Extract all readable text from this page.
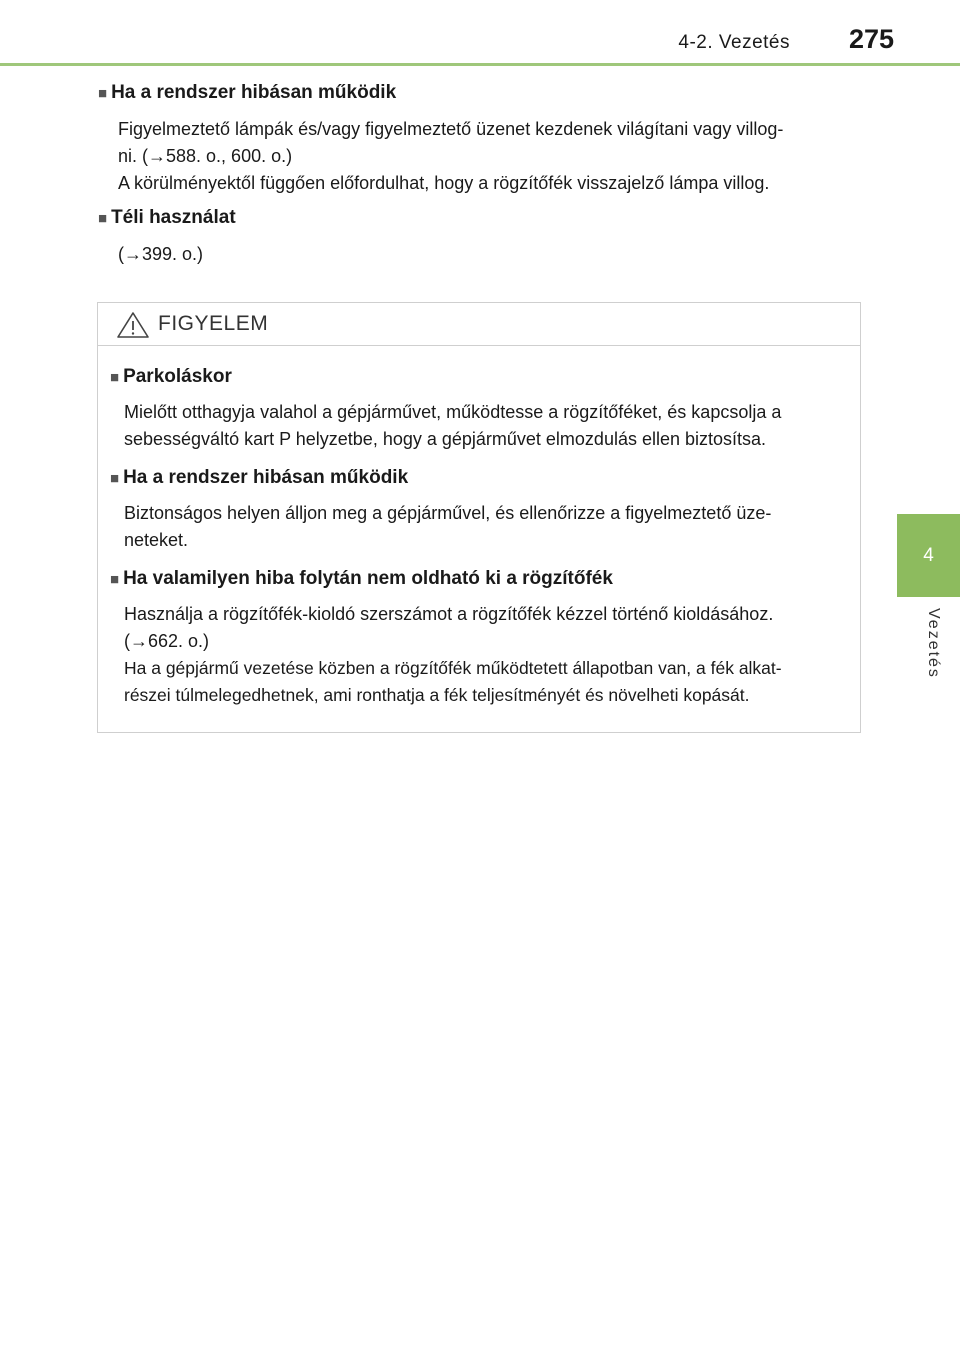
4-2. Vezetés 275
4
Vezetés

■ Ha a rendszer hibásan működik

Figyelmeztető lámpák és/vagy figyelmeztető üzenet kezdenek világítani vagy villog-
ni. (→588. o., 600. o.)
A körülményektől függően előfordulhat, hogy a rögzítőfék visszajelző lámpa villog.

■ Téli használat

(→399. o.)

FIGYELEM

■ Parkoláskor

Mielőtt otthagyja valahol a gépjárművet, működtesse a rögzítőféket, és kapcsolja a
sebességváltó kart P helyzetbe, hogy a gépjárművet elmozdulás ellen biztosítsa.

■ Ha a rendszer hibásan működik

Biztonságos helyen álljon meg a gépjárművel, és ellenőrizze a figyelmeztető üze-
neteket.

■ Ha valamilyen hiba folytán nem oldható ki a rögzítőfék

Használja a rögzítőfék-kioldó szerszámot a rögzítőfék kézzel történő kioldásához.
(→662. o.)

Ha a gépjármű vezetése közben a rögzítőfék működtetett állapotban van, a fék alkat-
részei túlmelegedhetnek, ami ronthatja a fék teljesítményét és növelheti kopását.
